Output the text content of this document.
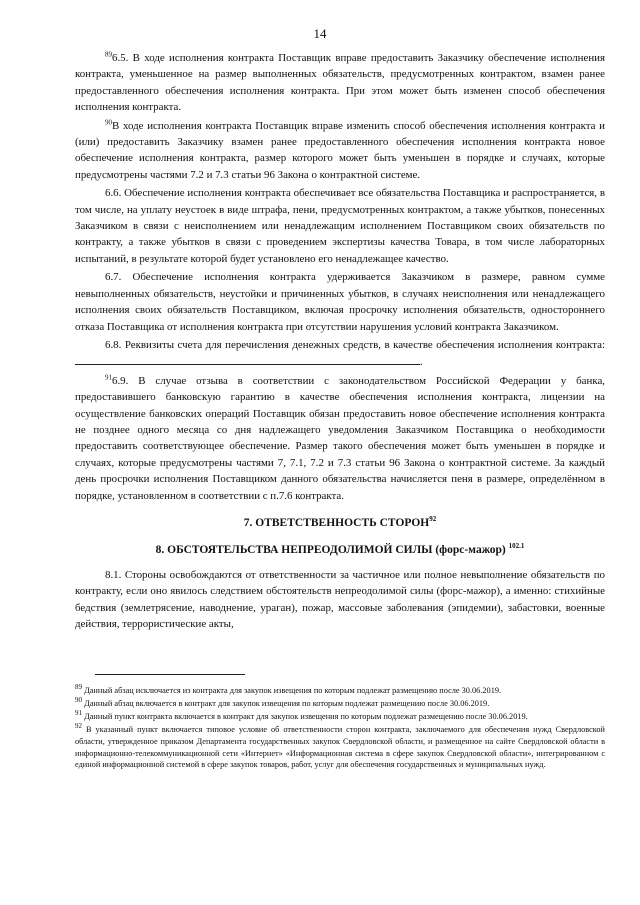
14

$^{89}$6.5. В ходе исполнения контракта Поставщик вправе предоставить Заказчику обеспечение исполнения контракта, уменьшенное на размер выполненных обязательств, предусмотренных контрактом, взамен ранее предоставленного обеспечения исполнения контракта. При этом может быть изменен способ обеспечения исполнения контракта.

$^{90}$В ходе исполнения контракта Поставщик вправе изменить способ обеспечения исполнения контракта и (или) предоставить Заказчику взамен ранее предоставленного обеспечения исполнения контракта новое обеспечение исполнения контракта, размер которого может быть уменьшен в порядке и случаях, которые предусмотрены частями 7.2 и 7.3 статьи 96 Закона о контрактной системе.

6.6. Обеспечение исполнения контракта обеспечивает все обязательства Поставщика и распространяется, в том числе, на уплату неустоек в виде штрафа, пени, предусмотренных контрактом, а также убытков, понесенных Заказчиком в связи с неисполнением или ненадлежащим исполнением Поставщиком своих обязательств по контракту, а также убытков в связи с проведением экспертизы качества Товара, в том числе лабораторных испытаний, в результате которой будет установлено его ненадлежащее качество.

6.7. Обеспечение исполнения контракта удерживается Заказчиком в размере, равном сумме невыполненных обязательств, неустойки и причиненных убытков, в случаях неисполнения или ненадлежащего исполнения своих обязательств Поставщиком, включая просрочку исполнения обязательств, одностороннего отказа Поставщика от исполнения контракта при отсутствии нарушения условий контракта Заказчиком.

6.8. Реквизиты счета для перечисления денежных средств, в качестве обеспечения исполнения контракта: .

$^{91}$6.9. В случае отзыва в соответствии с законодательством Российской Федерации у банка, предоставившего банковскую гарантию в качестве обеспечения исполнения контракта, лицензии на осуществление банковских операций Поставщик обязан предоставить новое обеспечение исполнения контракта не позднее одного месяца со дня надлежащего уведомления Заказчиком Поставщика о необходимости предоставить соответствующее обеспечение. Размер такого обеспечения может быть уменьшен в порядке и случаях, которые предусмотрены частями 7, 7.1, 7.2 и 7.3 статьи 96 Закона о контрактной системе. За каждый день просрочки исполнения Поставщиком данного обязательства начисляется пеня в размере, определённом в порядке, установленном в соответствии с п.7.6 контракта.

7. ОТВЕТСТВЕННОСТЬ СТОРОН$^{92}$

8. ОБСТОЯТЕЛЬСТВА НЕПРЕОДОЛИМОЙ СИЛЫ (форс-мажор) $^{102.1}$

8.1. Стороны освобождаются от ответственности за частичное или полное невыполнение обязательств по контракту, если оно явилось следствием обстоятельств непреодолимой силы (форс-мажор), а именно: стихийные бедствия (землетрясение, наводнение, ураган), пожар, массовые заболевания (эпидемии), забастовки, военные действия, террористические акты,

$^{89}$ Данный абзац исключается из контракта для закупок извещения по которым подлежат размещению после 30.06.2019.

$^{90}$ Данный абзац включается в контракт для закупок извещения по которым подлежат размещению после 30.06.2019.

$^{91}$ Данный пункт контракта включается в контракт для закупок извещения по которым подлежат размещению после 30.06.2019.

$^{92}$ В указанный пункт включается типовое условие об ответственности сторон контракта, заключаемого для обеспечения нужд Свердловской области, утвержденное приказом Департамента государственных закупок Свердловской области, и размещенное на сайте Свердловской области в информационно-телекоммуникационной сети «Интернет» «Информационная система в сфере закупок Свердловской области», интегрированном с единой информационной системой в сфере закупок товаров, работ, услуг для обеспечения государственных и муниципальных нужд.
